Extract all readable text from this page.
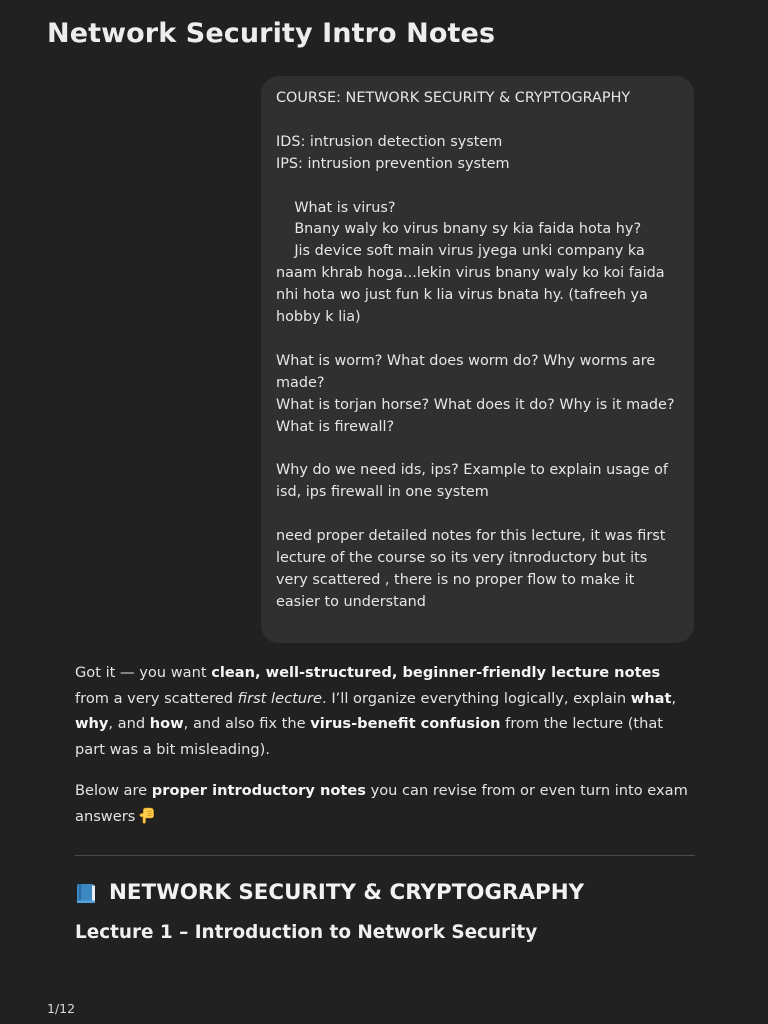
Network Security Intro Notes
COURSE: NETWORK SECURITY & CRYPTOGRAPHY

IDS: intrusion detection system
IPS: intrusion prevention system

What is virus?
Bnany waly ko virus bnany sy kia faida hota hy?
Jis device soft main virus jyega unki company ka naam khrab hoga...lekin virus bnany waly ko koi faida nhi hota wo just fun k lia virus bnata hy. (tafreeh ya hobby k lia)

What is worm? What does worm do? Why worms are made?
What is torjan horse? What does it do? Why is it made?
What is firewall?

Why do we need ids, ips? Example to explain usage of isd, ips firewall in one system

need proper detailed notes for this lecture, it was first lecture of the course so its very itnroductory but its very scattered , there is no proper flow to make it easier to understand

Got it — you want clean, well-structured, beginner-friendly lecture notes from a very scattered first lecture. I’ll organize everything logically, explain what, why, and how, and also fix the virus-benefit confusion from the lecture (that part was a bit misleading).

Below are proper introductory notes you can revise from or even turn into exam answers

NETWORK SECURITY & CRYPTOGRAPHY
Lecture 1 – Introduction to Network Security
1/12
